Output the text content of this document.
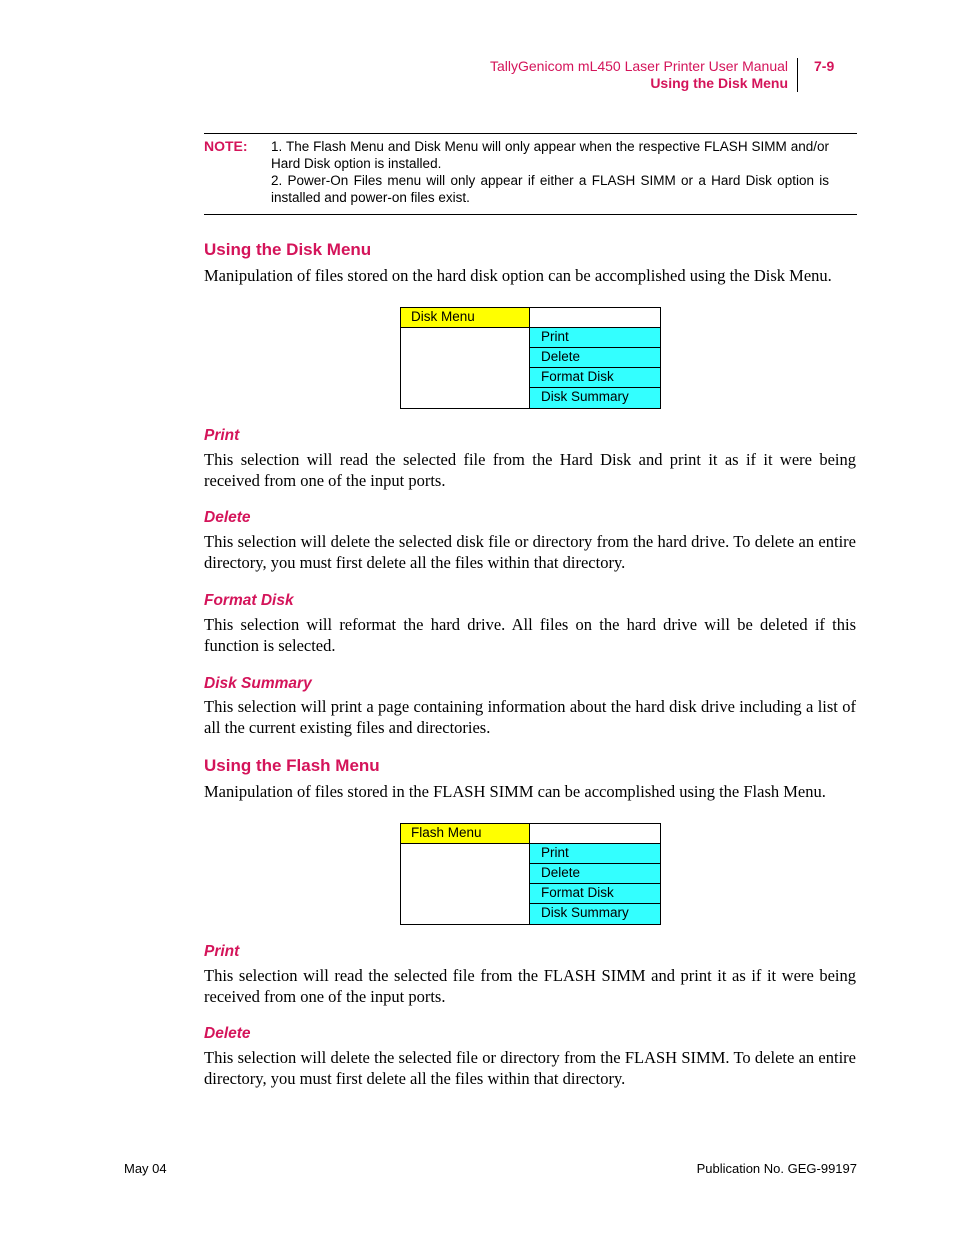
TallyGenicom mL450 Laser Printer User Manual
Using the Disk Menu
7-9
NOTE: 1. The Flash Menu and Disk Menu will only appear when the respective FLASH SIMM and/or Hard Disk option is installed.

2. Power-On Files menu will only appear if either a FLASH SIMM or a Hard Disk option is installed and power-on files exist.

Using the Disk Menu

Manipulation of files stored on the hard disk option can be accomplished using the Disk Menu.

Disk Menu
Print
Delete
Format Disk
Disk Summary
Print

This selection will read the selected file from the Hard Disk and print it as if it were being received from one of the input ports.

Delete

This selection will delete the selected disk file or directory from the hard drive. To delete an entire directory, you must first delete all the files within that directory.

Format Disk

This selection will reformat the hard drive. All files on the hard drive will be deleted if this function is selected.

Disk Summary

This selection will print a page containing information about the hard disk drive including a list of all the current existing files and directories.

Using the Flash Menu

Manipulation of files stored in the FLASH SIMM can be accomplished using the Flash Menu.

Flash Menu
Print
Delete
Format Disk
Disk Summary
Print

This selection will read the selected file from the FLASH SIMM and print it as if it were being received from one of the input ports.

Delete

This selection will delete the selected file or directory from the FLASH SIMM. To delete an entire directory, you must first delete all the files within that directory.

May 04	Publication No. GEG-99197
